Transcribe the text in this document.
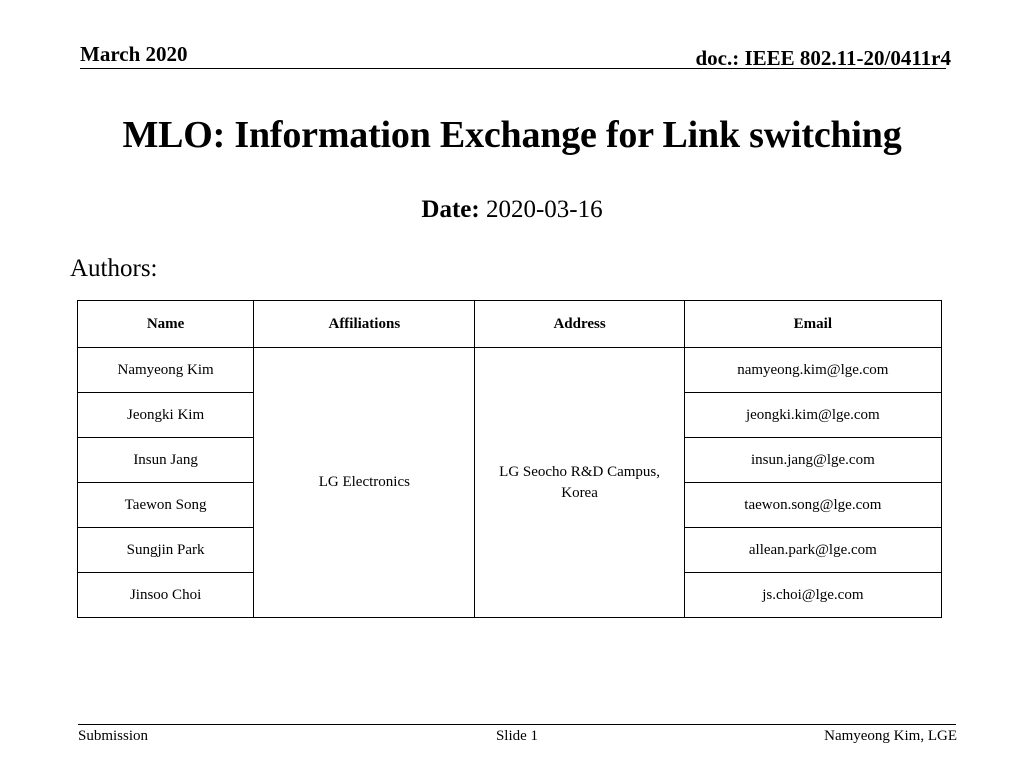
March 2020	doc.: IEEE 802.11-20/0411r4
MLO: Information Exchange for Link switching
Date: 2020-03-16
Authors:
Name	Affiliations	Address	Email
Namyeong Kim	LG Electronics	LG Seocho R&D Campus, Korea	namyeong.kim@lge.com
Jeongki Kim			jeongki.kim@lge.com
Insun Jang			insun.jang@lge.com
Taewon Song			taewon.song@lge.com
Sungjin Park			allean.park@lge.com
Jinsoo Choi			js.choi@lge.com
Submission	Slide 1	Namyeong Kim, LGE
